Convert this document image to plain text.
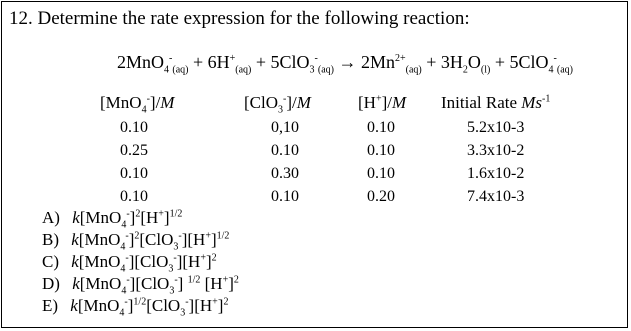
12. Determine the rate expression for the following reaction:
$2MnO_4^-_{(aq)} + 6H^+_{(aq)} + 5ClO_3^-_{(aq)} \to 2Mn^{2+}_{(aq)} + 3H_2O_{(l)} + 5ClO_4^-_{(aq)}$
[MnO$_4$-]/M	[ClO$_3$-]/M	[H+]/M Initial Rate $Ms^{-1}$
0.10	0,10	0.10	5.2x10-3
0.25	0.10	0.10	3.3x10-2
0.10	0.30	0.10	1.6x10-2
0.10	0.10	0.20	7.4x10-3
A) $k[MnO_4^-]^2[H^+]^{1/2}$
B) $k[MnO_4^-]^2[ClO_3^-][H^+]^{1/2}$
C) $k[MnO_4^-][ClO_3^-][H^+]^2$
D) k[MnO$_4$-][ClO$_3$-] $^{1/2}$ $[H^+]^2$
E) $k[MnO_4^-]^{1/2}[ClO_3^-][H^+]^2$
